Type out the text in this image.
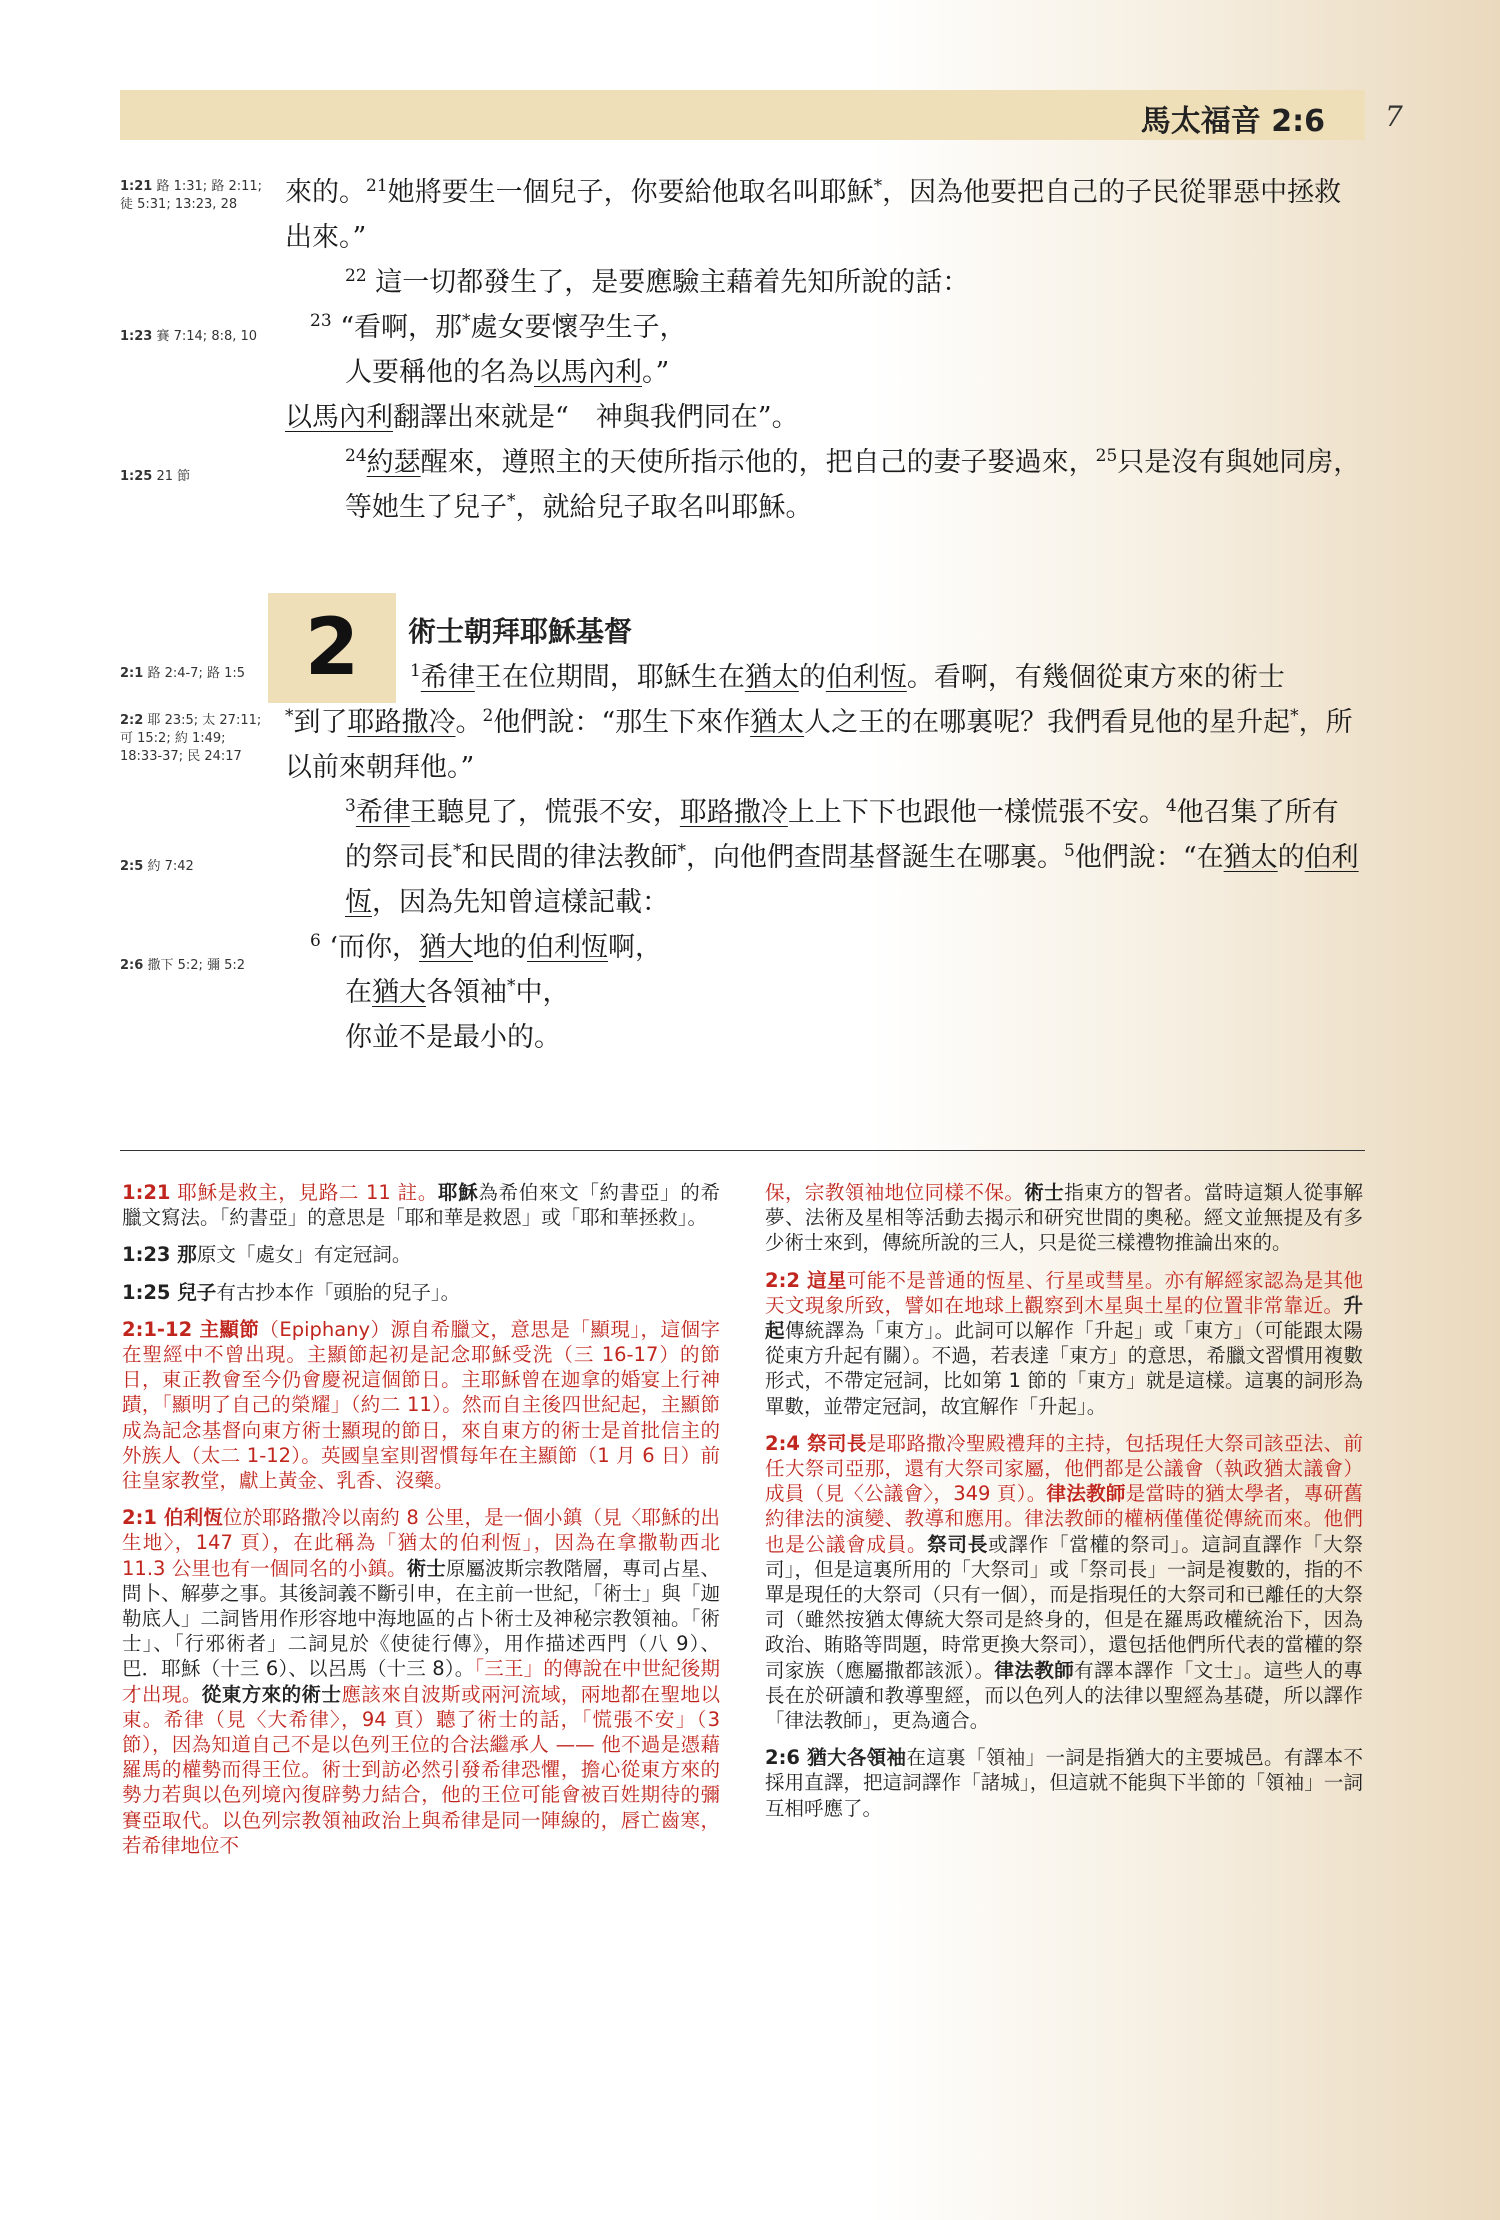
馬太福音 2:6 7
1:21 路 1:31; 路 2:11; 徒 5:31; 13:23, 28
1:23 賽 7:14; 8:8, 10
1:25 21 節
2:1 路 2:4-7; 路 1:5
2:2 耶 23:5; 太 27:11; 可 15:2; 約 1:49; 18:33-37; 民 24:17
2:5 約 7:42
2:6 撒下 5:2; 彌 5:2

來的。$^{21}$她將要生一個兒子，你要給他取名叫耶穌*，因為他要把自己的子民從罪惡中拯救出來。”

$^{22}$ 這一切都發生了，是要應驗主藉着先知所說的話：

$^{23}$ “看啊，那*處女要懷孕生子，

人要稱他的名為以馬內利。”

以馬內利翻譯出來就是“　神與我們同在”。

$^{24}$約瑟醒來，遵照主的天使所指示他的，把自己的妻子娶過來，$^{25}$只是沒有與她同房，等她生了兒子*，就給兒子取名叫耶穌。

2	術士朝拜耶穌基督

$^1$希律王在位期間，耶穌生在猶太的伯利恆。看啊，有幾個從東方來的術士

*到了耶路撒冷。$^2$他們說：“那生下來作猶太人之王的在哪裏呢？我們看見他的星升起*，所以前來朝拜他。”

$^3$希律王聽見了，慌張不安，耶路撒冷上上下下也跟他一樣慌張不安。$^4$他召集了所有的祭司長*和民間的律法教師*，向他們查問基督誕生在哪裏。$^5$他們說：“在猶太的伯利恆，因為先知曾這樣記載：

$^6$ ‘而你，猶大地的伯利恆啊，

在猶大各領袖*中，

你並不是最小的。

1:21 耶穌是救主，見路二 11 註。耶穌為希伯來文「約書亞」的希臘文寫法。「約書亞」的意思是「耶和華是救恩」或「耶和華拯救」。

1:23 那原文「處女」有定冠詞。

1:25 兒子有古抄本作「頭胎的兒子」。

2:1-12 主顯節（Epiphany）源自希臘文，意思是「顯現」，這個字在聖經中不曾出現。主顯節起初是記念耶穌受洗（三 16-17）的節日，東正教會至今仍會慶祝這個節日。主耶穌曾在迦拿的婚宴上行神蹟，「顯明了自己的榮耀」（約二 11）。然而自主後四世紀起，主顯節成為記念基督向東方術士顯現的節日，來自東方的術士是首批信主的外族人（太二 1-12）。英國皇室則習慣每年在主顯節（1 月 6 日）前往皇家教堂，獻上黃金、乳香、沒藥。

2:1 伯利恆位於耶路撒冷以南約 8 公里，是一個小鎮（見〈耶穌的出生地〉，147 頁），在此稱為「猶太的伯利恆」，因為在拿撒勒西北 11.3 公里也有一個同名的小鎮。術士原屬波斯宗教階層，專司占星、問卜、解夢之事。其後詞義不斷引申，在主前一世紀，「術士」與「迦勒底人」二詞皆用作形容地中海地區的占卜術士及神秘宗教領袖。「術士」、「行邪術者」二詞見於《使徒行傳》，用作描述西門（八 9）、巴．耶穌（十三 6）、以呂馬（十三 8）。「三王」的傳說在中世紀後期才出現。從東方來的術士應該來自波斯或兩河流域，兩地都在聖地以東。希律（見〈大希律〉，94 頁）聽了術士的話，「慌張不安」（3 節），因為知道自己不是以色列王位的合法繼承人 —— 他不過是憑藉羅馬的權勢而得王位。術士到訪必然引發希律恐懼，擔心從東方來的勢力若與以色列境內復辟勢力結合，他的王位可能會被百姓期待的彌賽亞取代。以色列宗教領袖政治上與希律是同一陣線的，唇亡齒寒，若希律地位不

保，宗教領袖地位同樣不保。術士指東方的智者。當時這類人從事解夢、法術及星相等活動去揭示和研究世間的奧秘。經文並無提及有多少術士來到，傳統所說的三人，只是從三樣禮物推論出來的。

2:2 這星可能不是普通的恆星、行星或彗星。亦有解經家認為是其他天文現象所致，譬如在地球上觀察到木星與土星的位置非常靠近。升起傳統譯為「東方」。此詞可以解作「升起」或「東方」（可能跟太陽從東方升起有關）。不過，若表達「東方」的意思，希臘文習慣用複數形式，不帶定冠詞，比如第 1 節的「東方」就是這樣。這裏的詞形為單數，並帶定冠詞，故宜解作「升起」。

2:4 祭司長是耶路撒冷聖殿禮拜的主持，包括現任大祭司該亞法、前任大祭司亞那，還有大祭司家屬，他們都是公議會（執政猶太議會）成員（見〈公議會〉，349 頁）。律法教師是當時的猶太學者，專研舊約律法的演變、教導和應用。律法教師的權柄僅僅從傳統而來。他們也是公議會成員。祭司長或譯作「當權的祭司」。這詞直譯作「大祭司」，但是這裏所用的「大祭司」或「祭司長」一詞是複數的，指的不單是現任的大祭司（只有一個），而是指現任的大祭司和已離任的大祭司（雖然按猶太傳統大祭司是終身的，但是在羅馬政權統治下，因為政治、賄賂等問題，時常更換大祭司），還包括他們所代表的當權的祭司家族（應屬撒都該派）。律法教師有譯本譯作「文士」。這些人的專長在於研讀和教導聖經，而以色列人的法律以聖經為基礎，所以譯作「律法教師」，更為適合。

2:6 猶大各領袖在這裏「領袖」一詞是指猶大的主要城邑。有譯本不採用直譯，把這詞譯作「諸城」，但這就不能與下半節的「領袖」一詞互相呼應了。
